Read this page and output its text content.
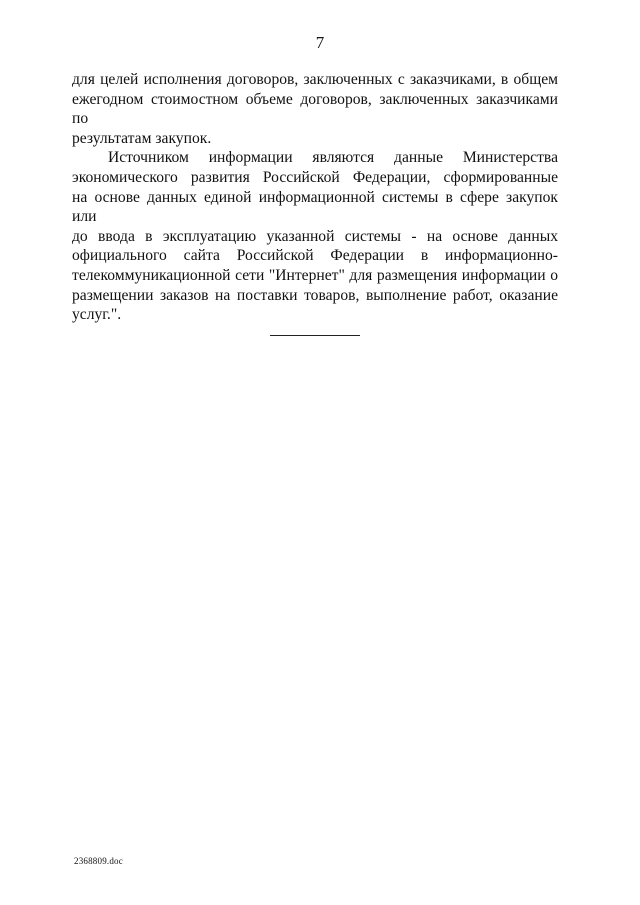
7
для целей исполнения договоров, заключенных с заказчиками, в общем
ежегодном стоимостном объеме договоров, заключенных заказчиками по
результатам закупок.
Источником информации являются данные Министерства
экономического развития Российской Федерации, сформированные
на основе данных единой информационной системы в сфере закупок или
до ввода в эксплуатацию указанной системы - на основе данных
официального сайта Российской Федерации в информационно-
телекоммуникационной сети "Интернет" для размещения информации о
размещении заказов на поставки товаров, выполнение работ, оказание
услуг.".
2368809.doc
